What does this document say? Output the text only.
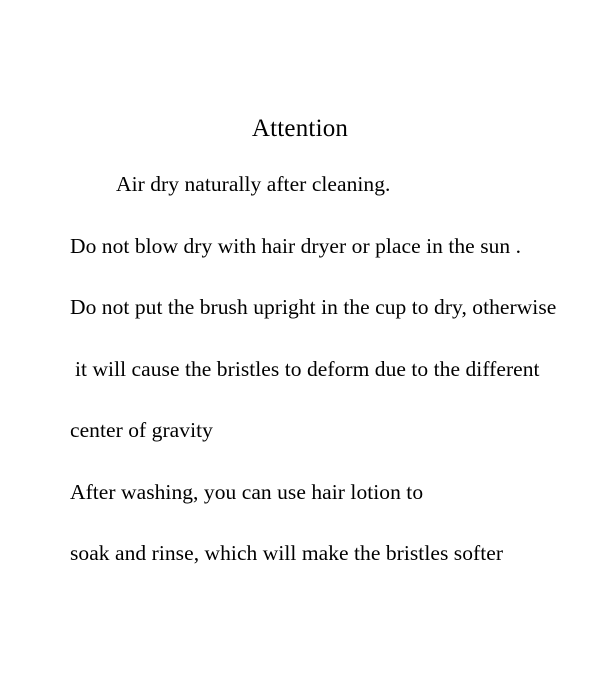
Attention

Air dry naturally after cleaning.

Do not blow dry with hair dryer or place in the sun .

Do not put the brush upright in the cup to dry, otherwise

it will cause the bristles to deform due to the different

center of gravity

After washing, you can use hair lotion to

soak and rinse, which will make the bristles softer
